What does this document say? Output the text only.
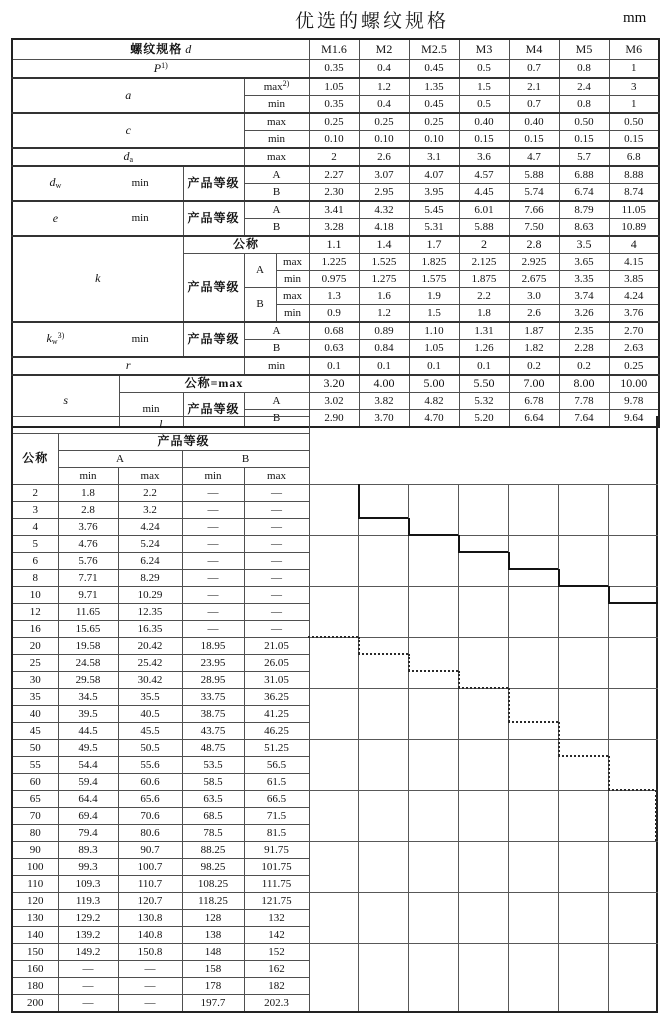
优选的螺纹规格	mm
螺纹规格 d					M1.6	M2	M2.5	M3	M4	M5	M6
$P^{1)}$					0.35	0.4	0.45	0.5	0.7	0.8	1
a			$\max^{2)}$		1.05	1.2	1.35	1.5	2.1	2.4	3
			min		0.35	0.4	0.45	0.5	0.7	0.8	1
c			max		0.25	0.25	0.25	0.40	0.40	0.50	0.50
			min		0.10	0.10	0.10	0.15	0.15	0.15	0.15
$d_a$			max		2	2.6	3.1	3.6	4.7	5.7	6.8

$d_w$ min		产品等级	A		2.27	3.07	4.07	4.57	5.88	6.88	8.88
			B		2.30	2.95	3.95	4.45	5.74	6.74	8.74

e min		产品等级	A		3.41	4.32	5.45	6.01	7.66	8.79	11.05
			B		3.28	4.18	5.31	5.88	7.50	8.63	10.89
k		公称			1.1	1.4	1.7	2	2.8	3.5	4
		产品等级	A	max	1.225	1.525	1.825	2.125	2.925	3.65	4.15
				min	0.975	1.275	1.575	1.875	2.675	3.35	3.85
			B	max	1.3	1.6	1.9	2.2	3.0	3.74	4.24
				min	0.9	1.2	1.5	1.8	2.6	3.26	3.76

$k_w^{3)}$ min		产品等级	A		0.68	0.89	1.10	1.31	1.87	2.35	2.70
			B		0.63	0.84	1.05	1.26	1.82	2.28	2.63
r			min		0.1	0.1	0.1	0.1	0.2	0.2	0.25
s	公称=max				3.20	4.00	5.00	5.50	7.00	8.00	10.00
	min	产品等级	A		3.02	3.82	4.82	5.32	6.78	7.78	9.78
			B		2.90	3.70	4.70	5.20	6.64	7.64	9.64
l				
公称	产品等级			
	A		B	
	min	max	min	max
2	1.8	2.2	—	—
3	2.8	3.2	—	—
4	3.76	4.24	—	—
5	4.76	5.24	—	—
6	5.76	6.24	—	—
8	7.71	8.29	—	—
10	9.71	10.29	—	—
12	11.65	12.35	—	—
16	15.65	16.35	—	—
20	19.58	20.42	18.95	21.05
25	24.58	25.42	23.95	26.05
30	29.58	30.42	28.95	31.05
35	34.5	35.5	33.75	36.25
40	39.5	40.5	38.75	41.25
45	44.5	45.5	43.75	46.25
50	49.5	50.5	48.75	51.25
55	54.4	55.6	53.5	56.5
60	59.4	60.6	58.5	61.5
65	64.4	65.6	63.5	66.5
70	69.4	70.6	68.5	71.5
80	79.4	80.6	78.5	81.5
90	89.3	90.7	88.25	91.75
100	99.3	100.7	98.25	101.75
110	109.3	110.7	108.25	111.75
120	119.3	120.7	118.25	121.75
130	129.2	130.8	128	132
140	139.2	140.8	138	142
150	149.2	150.8	148	152
160	—	—	158	162
180	—	—	178	182
200	—	—	197.7	202.3
